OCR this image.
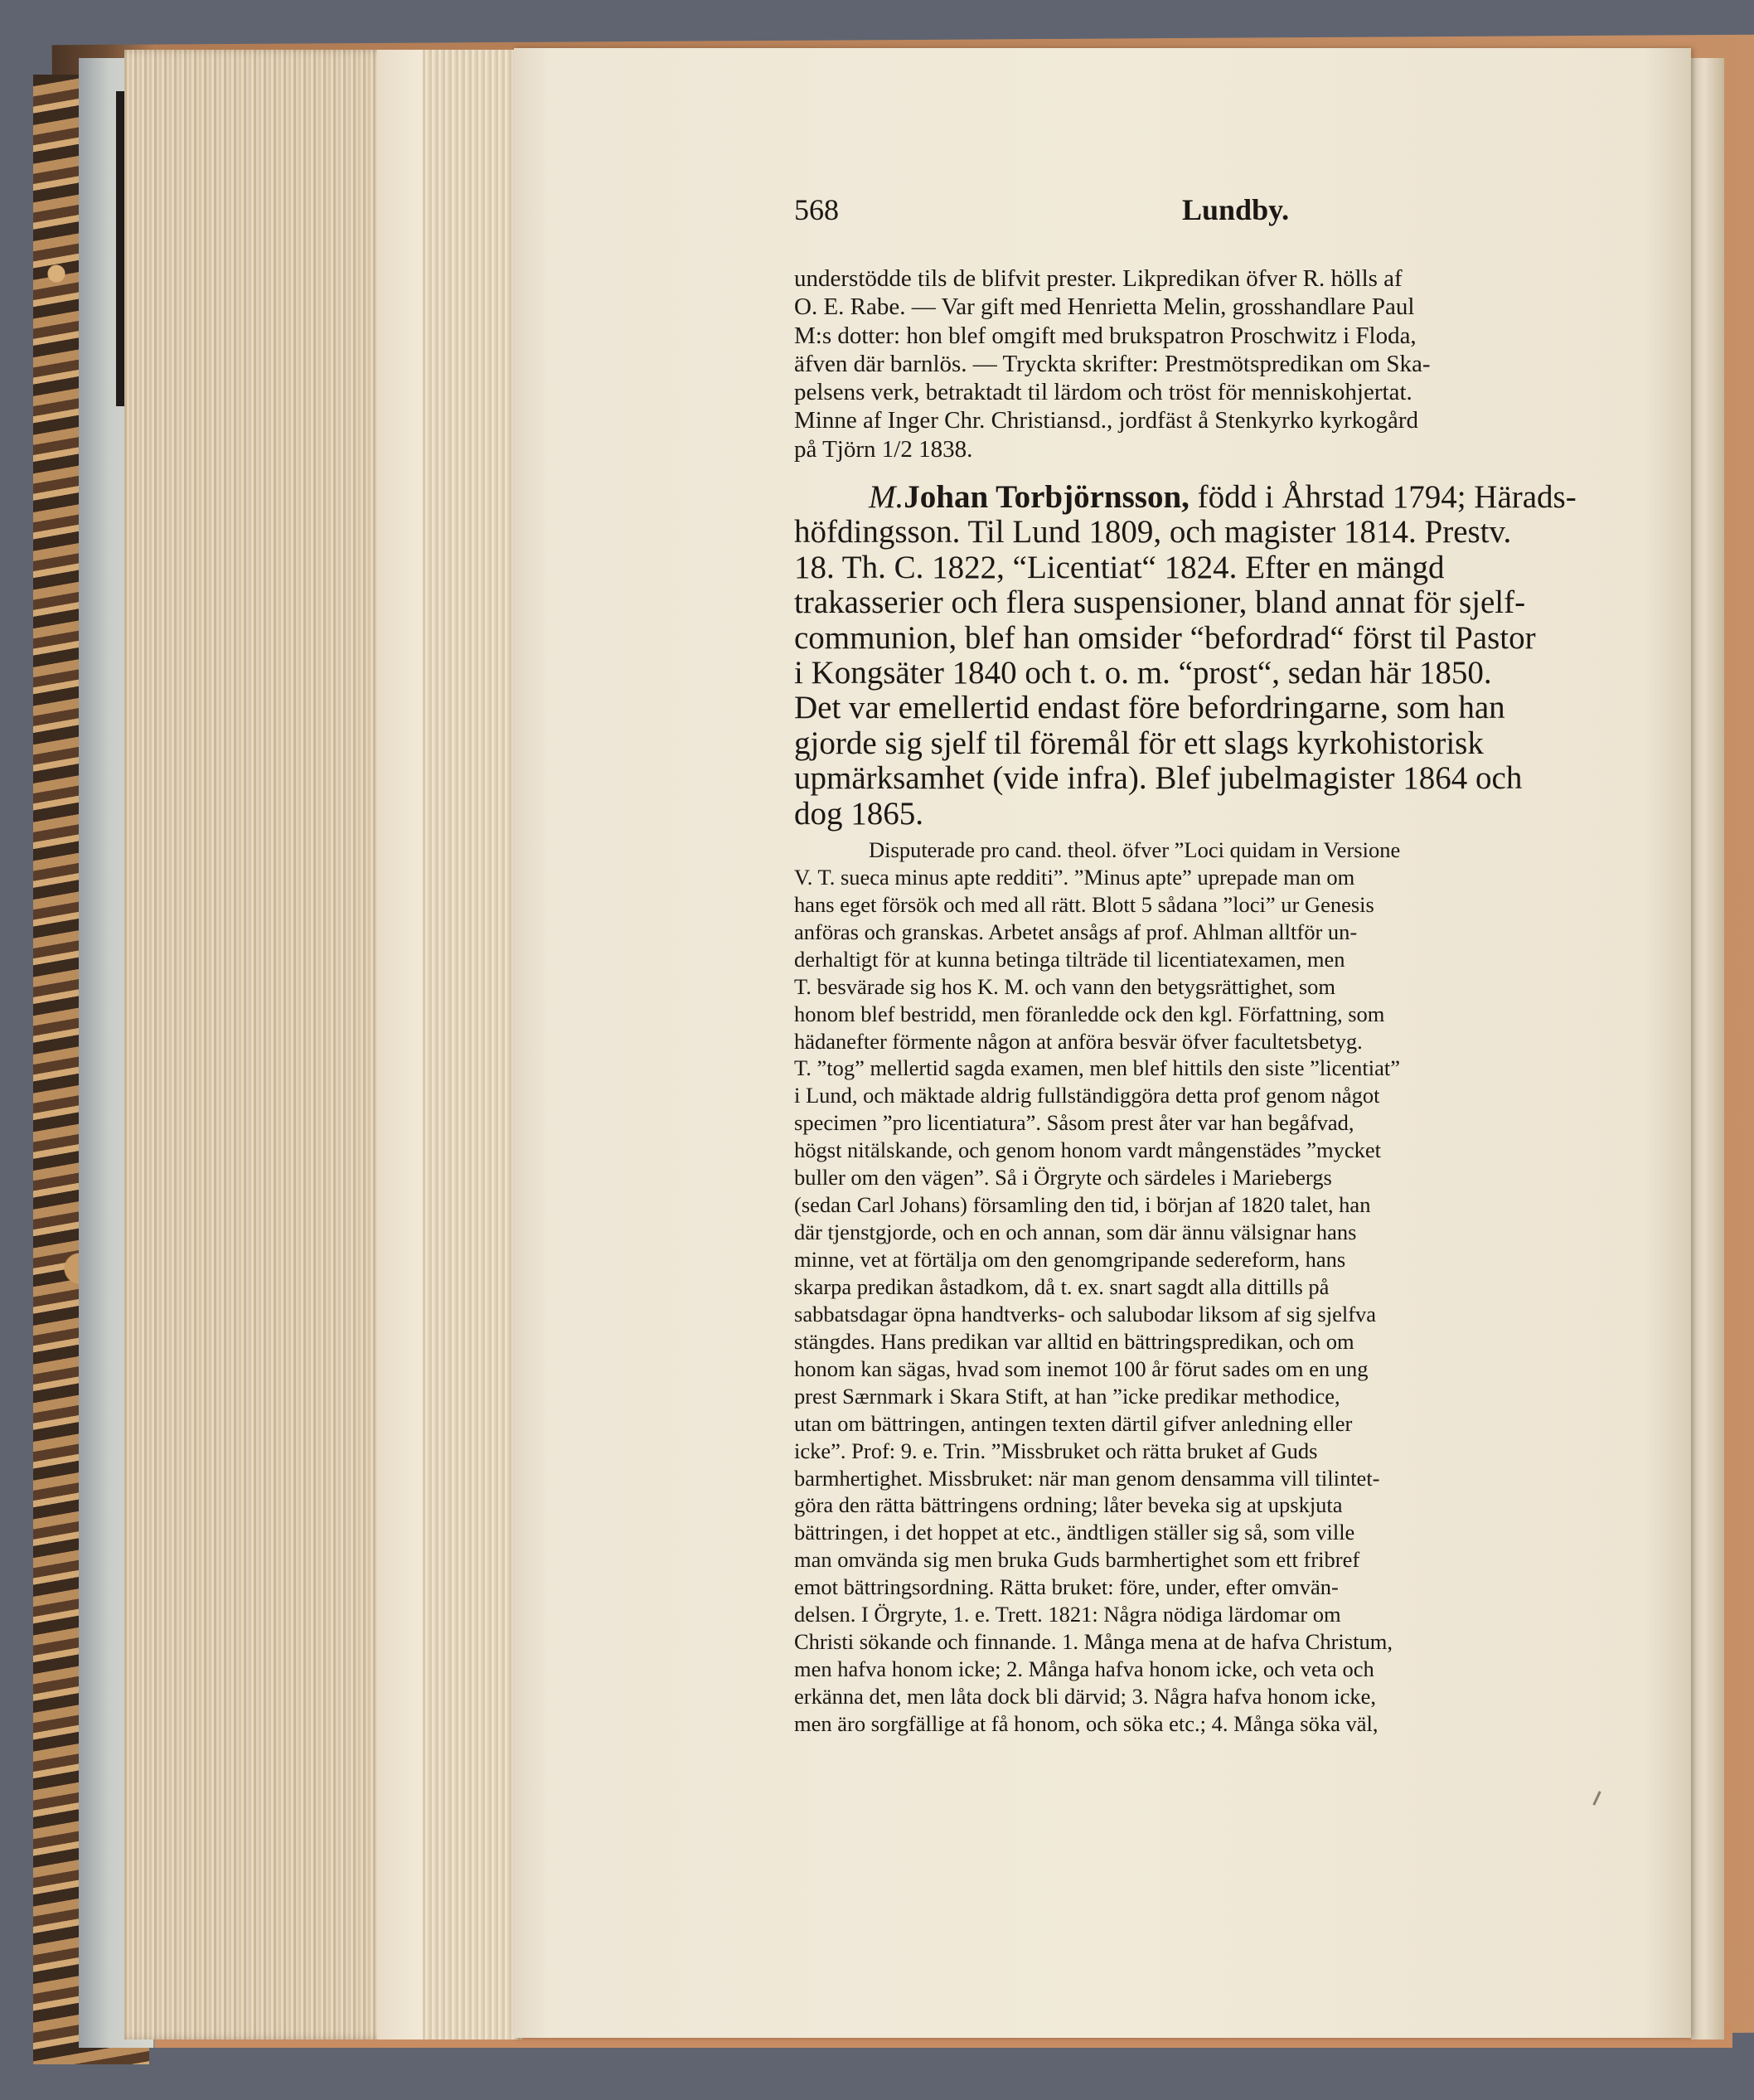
568	Lundby.
understödde tils de blifvit prester. Likpredikan öfver R. hölls af
O. E. Rabe. — Var gift med Henrietta Melin, grosshandlare Paul
M:s dotter: hon blef omgift med brukspatron Proschwitz i Floda,
äfven där barnlös. — Tryckta skrifter: Prestmötspredikan om Ska-
pelsens verk, betraktadt til lärdom och tröst för menniskohjertat.
Minne af Inger Chr. Christiansd., jordfäst å Stenkyrko kyrkogård
på Tjörn 1/2 1838.
M.Johan Torbjörnsson, född i Åhrstad 1794; Härads-
höfdingsson. Til Lund 1809, och magister 1814. Prestv.
18. Th. C. 1822, “Licentiat“ 1824. Efter en mängd
trakasserier och flera suspensioner, bland annat för sjelf-
communion, blef han omsider “befordrad“ först til Pastor
i Kongsäter 1840 och t. o. m. “prost“, sedan här 1850.
Det var emellertid endast före befordringarne, som han
gjorde sig sjelf til föremål för ett slags kyrkohistorisk
upmärksamhet (vide infra). Blef jubelmagister 1864 och
dog 1865.
Disputerade pro cand. theol. öfver ”Loci quidam in Versione
V. T. sueca minus apte redditi”. ”Minus apte” uprepade man om
hans eget försök och med all rätt. Blott 5 sådana ”loci” ur Genesis
anföras och granskas. Arbetet ansågs af prof. Ahlman alltför un-
derhaltigt för at kunna betinga tilträde til licentiatexamen, men
T. besvärade sig hos K. M. och vann den betygsrättighet, som
honom blef bestridd, men föranledde ock den kgl. Författning, som
hädanefter förmente någon at anföra besvär öfver facultetsbetyg.
T. ”tog” mellertid sagda examen, men blef hittils den siste ”licentiat”
i Lund, och mäktade aldrig fullständiggöra detta prof genom något
specimen ”pro licentiatura”. Såsom prest åter var han begåfvad,
högst nitälskande, och genom honom vardt mångenstädes ”mycket
buller om den vägen”. Så i Örgryte och särdeles i Mariebergs
(sedan Carl Johans) församling den tid, i början af 1820 talet, han
där tjenstgjorde, och en och annan, som där ännu välsignar hans
minne, vet at förtälja om den genomgripande sedereform, hans
skarpa predikan åstadkom, då t. ex. snart sagdt alla dittills på
sabbatsdagar öpna handtverks- och salubodar liksom af sig sjelfva
stängdes. Hans predikan var alltid en bättringspredikan, och om
honom kan sägas, hvad som inemot 100 år förut sades om en ung
prest Særnmark i Skara Stift, at han ”icke predikar methodice,
utan om bättringen, antingen texten därtil gifver anledning eller
icke”. Prof: 9. e. Trin. ”Missbruket och rätta bruket af Guds
barmhertighet. Missbruket: när man genom densamma vill tilintet-
göra den rätta bättringens ordning; låter beveka sig at upskjuta
bättringen, i det hoppet at etc., ändtligen ställer sig så, som ville
man omvända sig men bruka Guds barmhertighet som ett fribref
emot bättringsordning. Rätta bruket: före, under, efter omvän-
delsen. I Örgryte, 1. e. Trett. 1821: Några nödiga lärdomar om
Christi sökande och finnande. 1. Många mena at de hafva Christum,
men hafva honom icke; 2. Många hafva honom icke, och veta och
erkänna det, men låta dock bli därvid; 3. Några hafva honom icke,
men äro sorgfällige at få honom, och söka etc.; 4. Många söka väl,
